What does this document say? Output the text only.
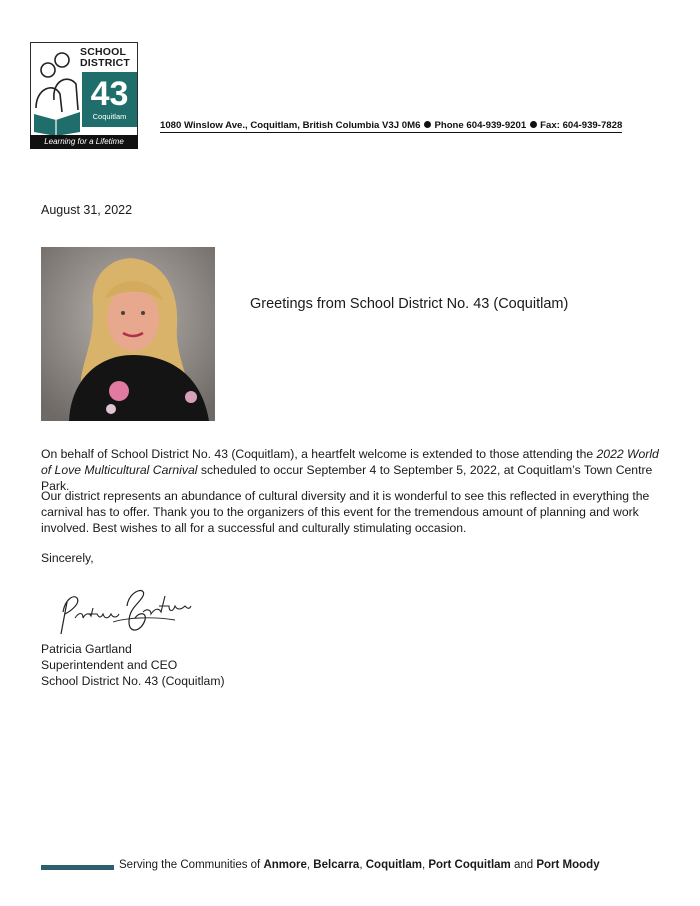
SCHOOL
DISTRICT
43
Coquitlam
Learning for a Lifetime
1080 Winslow Ave., Coquitlam, British Columbia V3J 0M6 Phone 604-939-9201 Fax: 604-939-7828
August 31, 2022
Greetings from School District No. 43 (Coquitlam)
On behalf of School District No. 43 (Coquitlam), a heartfelt welcome is extended to those attending the 2022 World of Love Multicultural Carnival scheduled to occur September 4 to September 5, 2022, at Coquitlam’s Town Centre Park.
Our district represents an abundance of cultural diversity and it is wonderful to see this reflected in everything the carnival has to offer. Thank you to the organizers of this event for the tremendous amount of planning and work involved. Best wishes to all for a successful and culturally stimulating occasion.
Sincerely,
Patricia Gartland
Superintendent and CEO
School District No. 43 (Coquitlam)
Serving the Communities of Anmore, Belcarra, Coquitlam, Port Coquitlam and Port Moody
